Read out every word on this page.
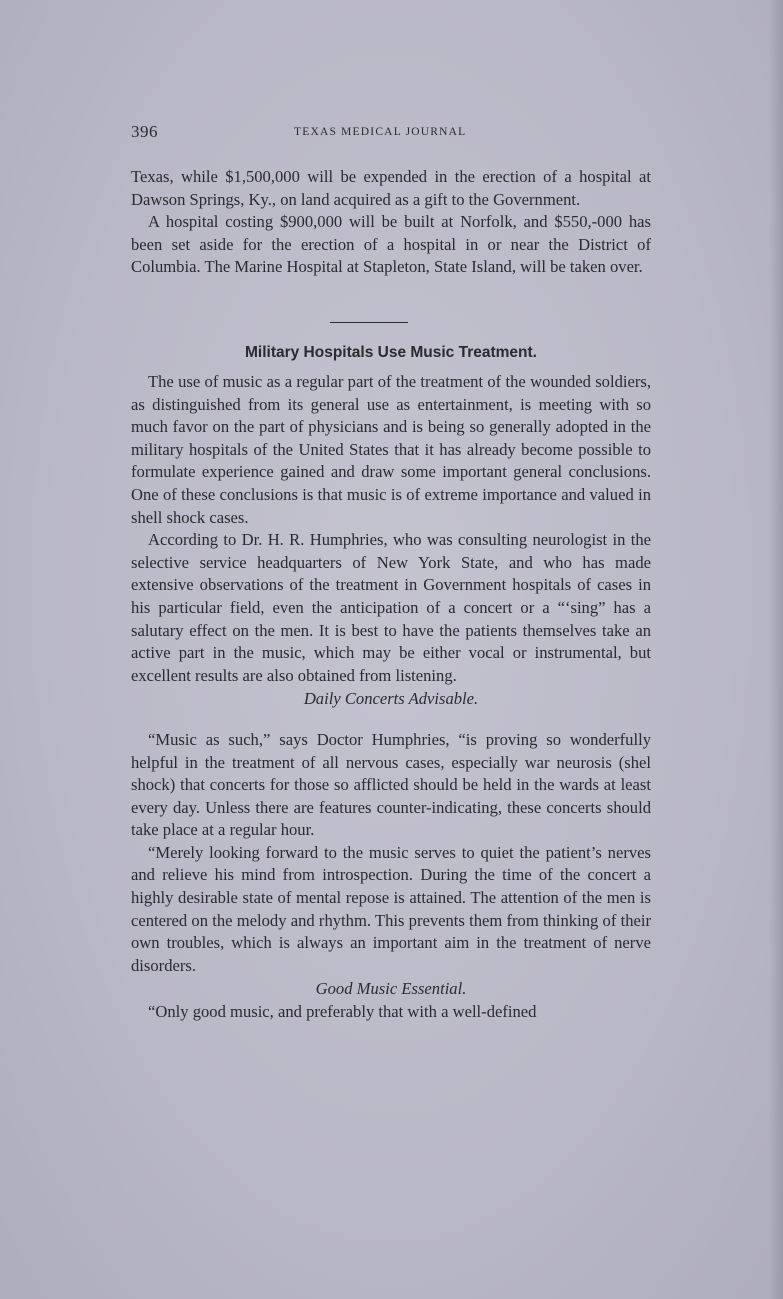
396	TEXAS MEDICAL JOURNAL

Texas, while $1,500,000 will be expended in the erection of a hospital at Dawson Springs, Ky., on land acquired as a gift to the Government.

A hospital costing $900,000 will be built at Norfolk, and $550,-000 has been set aside for the erection of a hospital in or near the District of Columbia. The Marine Hospital at Stapleton, State Island, will be taken over.

Military Hospitals Use Music Treatment.

The use of music as a regular part of the treatment of the wounded soldiers, as distinguished from its general use as entertainment, is meeting with so much favor on the part of physicians and is being so generally adopted in the military hospitals of the United States that it has already become possible to formulate experience gained and draw some important general conclusions. One of these conclusions is that music is of extreme importance and valued in shell shock cases.

According to Dr. H. R. Humphries, who was consulting neurologist in the selective service headquarters of New York State, and who has made extensive observations of the treatment in Government hospitals of cases in his particular field, even the anticipation of a concert or a “‘sing” has a salutary effect on the men. It is best to have the patients themselves take an active part in the music, which may be either vocal or instrumental, but excellent results are also obtained from listening.

Daily Concerts Advisable.

“Music as such,” says Doctor Humphries, “is proving so wonderfully helpful in the treatment of all nervous cases, especially war neurosis (shel shock) that concerts for those so afflicted should be held in the wards at least every day. Unless there are features counter-indicating, these concerts should take place at a regular hour.

“Merely looking forward to the music serves to quiet the patient’s nerves and relieve his mind from introspection. During the time of the concert a highly desirable state of mental repose is attained. The attention of the men is centered on the melody and rhythm. This prevents them from thinking of their own troubles, which is always an important aim in the treatment of nerve disorders.

Good Music Essential.

“Only good music, and preferably that with a well-defined
